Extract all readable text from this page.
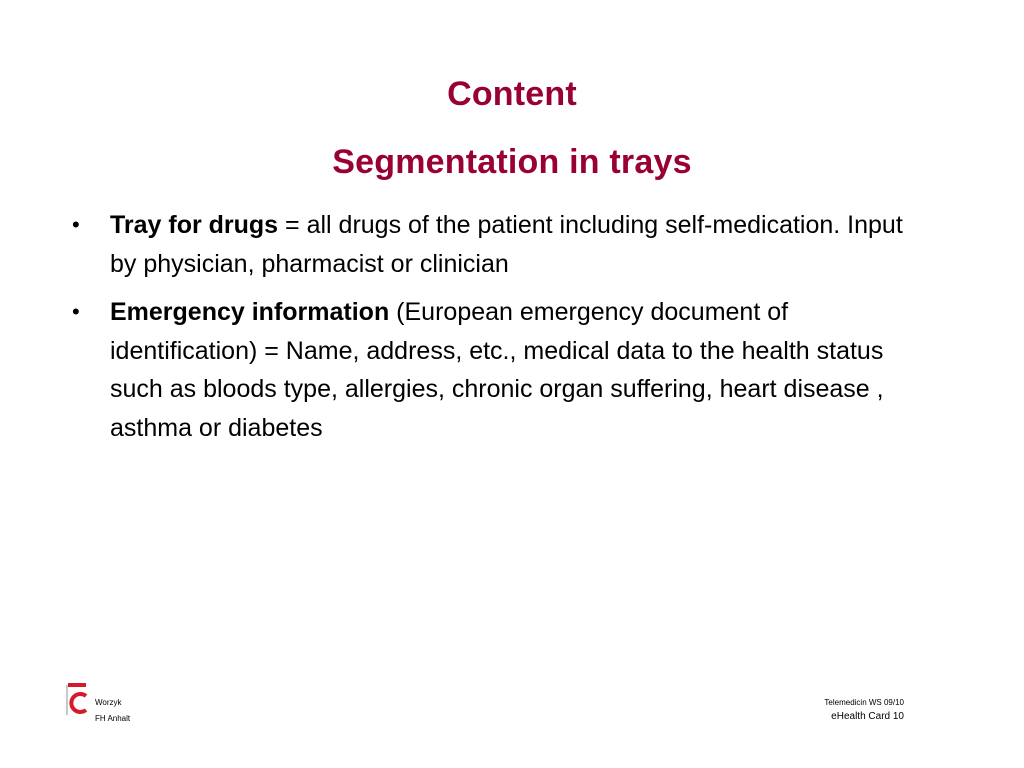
Content
Segmentation in trays
•	Tray for drugs = all drugs of the patient including self-medication. Input by physician, pharmacist or clinician
•	Emergency information (European emergency document of identification) = Name, address, etc., medical data to the health status such as bloods type, allergies, chronic organ suffering, heart disease , asthma or diabetes
Worzyk
FH Anhalt
Telemedicin WS 09/10
eHealth Card 10
